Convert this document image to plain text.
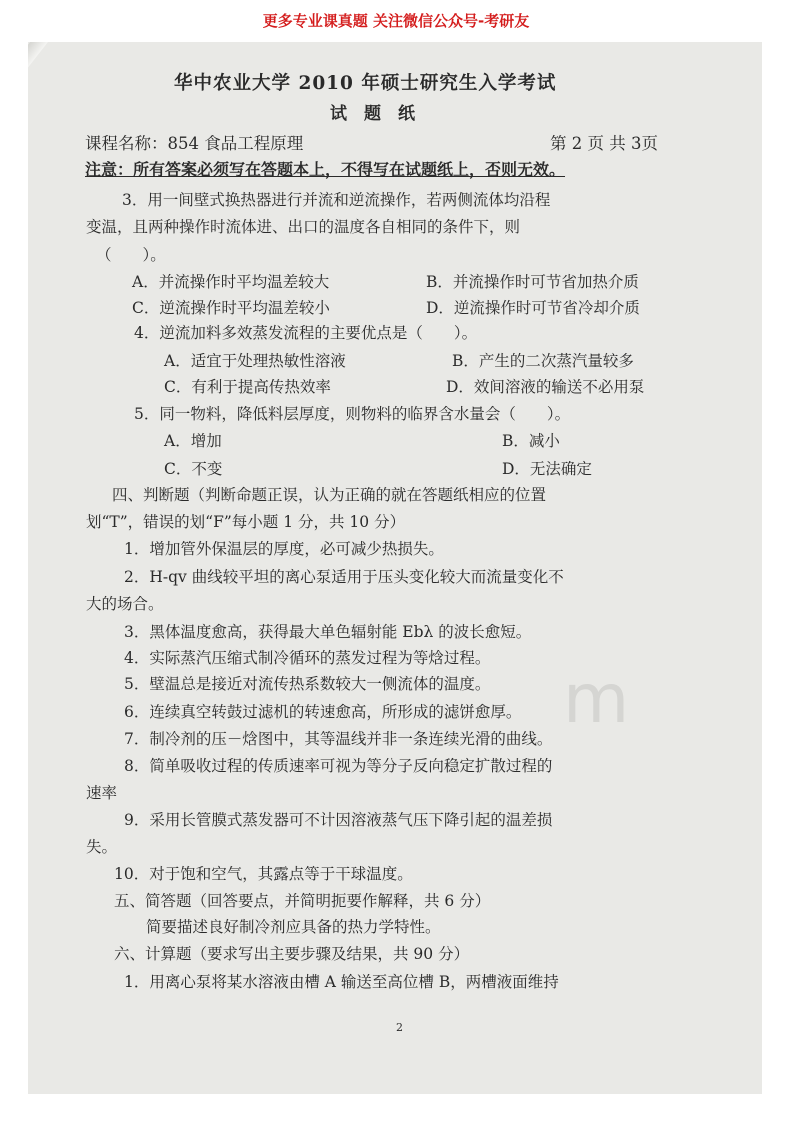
更多专业课真题 关注微信公众号-考研友
m
华中农业大学 2010 年硕士研究生入学考试
试　题　纸
课程名称：854 食品工程原理	第 2 页 共 3页
注意：所有答案必须写在答题本上，不得写在试题纸上，否则无效。
3．用一间壁式换热器进行并流和逆流操作，若两侧流体均沿程
变温，且两种操作时流体进、出口的温度各自相同的条件下，则
（　　）。
A．并流操作时平均温差较大	B．并流操作时可节省加热介质
C．逆流操作时平均温差较小	D．逆流操作时可节省冷却介质
4．逆流加料多效蒸发流程的主要优点是（　　）。
A．适宜于处理热敏性溶液	B．产生的二次蒸汽量较多
C．有利于提高传热效率	D．效间溶液的输送不必用泵
5．同一物料，降低料层厚度，则物料的临界含水量会（　　）。
A．增加	B．减小
C．不变	D．无法确定
四、判断题（判断命题正误，认为正确的就在答题纸相应的位置
划“T”，错误的划“F”每小题 1 分，共 10 分）
1．增加管外保温层的厚度，必可减少热损失。
2．H-qv 曲线较平坦的离心泵适用于压头变化较大而流量变化不
大的场合。
3．黑体温度愈高，获得最大单色辐射能 Ebλ 的波长愈短。
4．实际蒸汽压缩式制冷循环的蒸发过程为等焓过程。
5．壁温总是接近对流传热系数较大一侧流体的温度。
6．连续真空转鼓过滤机的转速愈高，所形成的滤饼愈厚。
7．制冷剂的压－焓图中，其等温线并非一条连续光滑的曲线。
8．简单吸收过程的传质速率可视为等分子反向稳定扩散过程的
速率
9．采用长管膜式蒸发器可不计因溶液蒸气压下降引起的温差损
失。
10．对于饱和空气，其露点等于干球温度。
五、简答题（回答要点，并简明扼要作解释，共 6 分）
简要描述良好制冷剂应具备的热力学特性。
六、计算题（要求写出主要步骤及结果，共 90 分）
1．用离心泵将某水溶液由槽 A 输送至高位槽 B，两槽液面维持
2
